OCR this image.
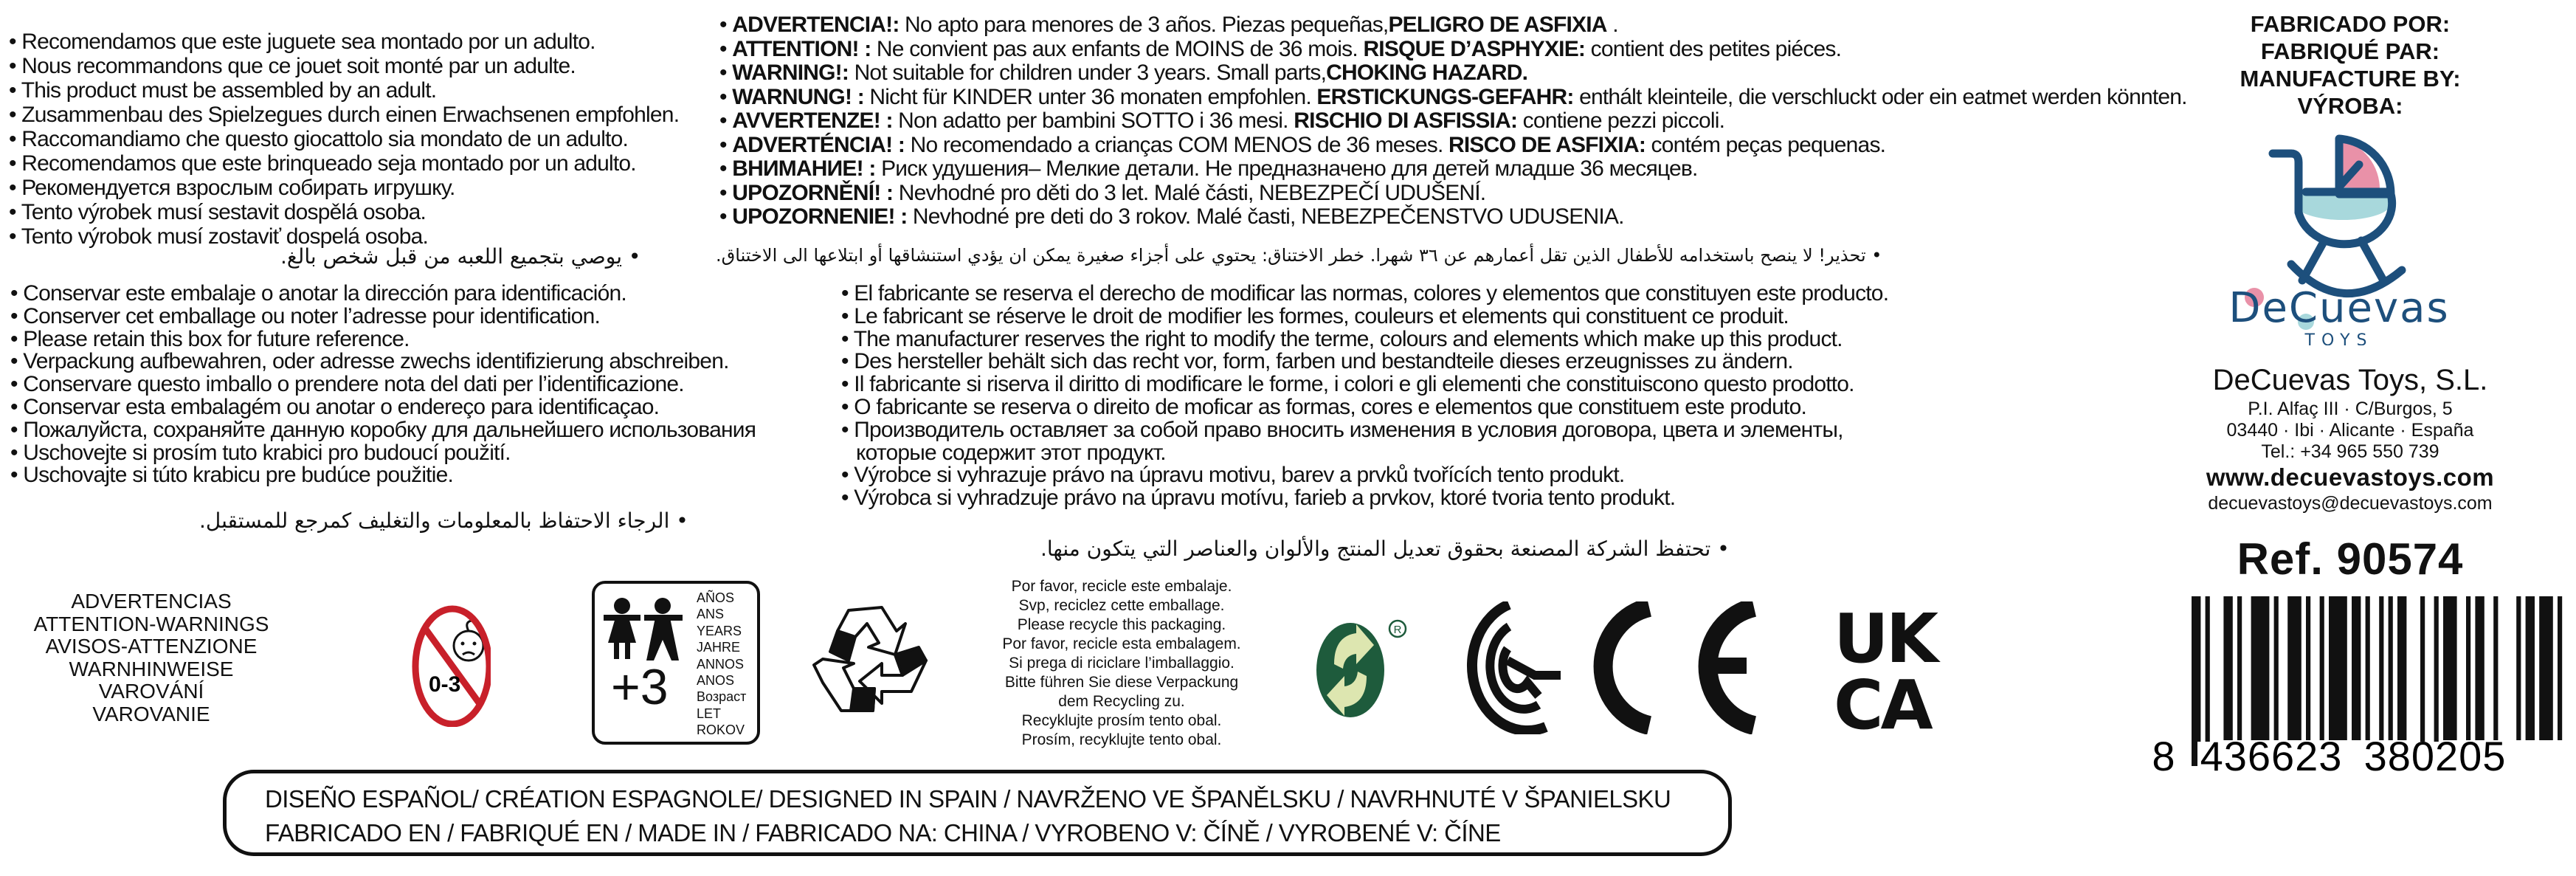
• Recomendamos que este juguete sea montado por un adulto.
• Nous recommandons que ce jouet soit monté par un adulte.
• This product must be assembled by an adult.
• Zusammenbau des Spielzegues durch einen Erwachsenen empfohlen.
• Raccomandiamo che questo giocattolo sia mondato de un adulto.
• Recomendamos que este brinqueado seja montado por un adulto.
• Рекомендуется взрослым собирать игрушку.
• Tento výrobek musí sestavit dospělá osoba.
• Tento výrobok musí zostaviť dospelá osoba.
• يوصي بتجميع اللعبه من قبل شخص بالغ.
• ADVERTENCIA!: No apto para menores de 3 años. Piezas pequeñas,PELIGRO DE ASFIXIA .
• ATTENTION! : Ne convient pas aux enfants de MOINS de 36 mois. RISQUE D’ASPHYXIE: contient des petites piéces.
• WARNING!: Not suitable for children under 3 years. Small parts,CHOKING HAZARD.
• WARNUNG! : Nicht für KINDER unter 36 monaten empfohlen. ERSTICKUNGS-GEFAHR: enthált kleinteile, die verschluckt oder ein eatmet werden könnten.
• AVVERTENZE! : Non adatto per bambini SOTTO i 36 mesi. RISCHIO DI ASFISSIA: contiene pezzi piccoli.
• ADVERTÉNCIA! : No recomendado a crianças COM MENOS de 36 meses. RISCO DE ASFIXIA: contém peças pequenas.
• ВНИМАНИЕ! : Риск удушения– Мелкие детали. Не предназначено для детей младше 36 месяцев.
• UPOZORNĚNÍ! : Nevhodné pro děti do 3 let. Malé části, NEBEZPEČÍ UDUŠENÍ.
• UPOZORNENIE! : Nevhodné pre deti do 3 rokov. Malé časti, NEBEZPEČENSTVO UDUSENIA.
• تحذير! لا ينصح باستخدامه للأطفال الذين تقل أعمارهم عن ٣٦ شهرا. خطر الاختناق: يحتوي على أجزاء صغيرة يمكن ان يؤدي استنشاقها أو ابتلاعها الى الاختناق.
• Conservar este embalaje o anotar la dirección para identificación.
• Conserver cet emballage ou noter l’adresse pour identification.
• Please retain this box for future reference.
• Verpackung aufbewahren, oder adresse zwechs identifizierung abschreiben.
• Conservare questo imballo o prendere nota del dati per l’identificazione.
• Conservar esta embalagém ou anotar o endereço para identificaçao.
• Пожалуйста, сохраняйте данную коробку для дальнейшего использования
• Uschovejte si prosím tuto krabici pro budoucí použití.
• Uschovajte si túto krabicu pre budúce použitie.
• الرجاء الاحتفاظ بالمعلومات والتغليف كمرجع للمستقبل.
• El fabricante se reserva el derecho de modificar las normas, colores y elementos que constituyen este producto.
• Le fabricant se réserve le droit de modifier les formes, couleurs et elements qui constituent ce produit.
• The manufacturer reserves the right to modify the terme, colours and elements which make up this product.
• Des hersteller behält sich das recht vor, form, farben und bestandteile dieses erzeugnisses zu ändern.
• Il fabricante si riserva il diritto di modificare le forme, i colori e gli elementi che constituiscono questo prodotto.
• O fabricante se reserva o direito de moficar as formas, cores e elementos que constituem este produto.
• Производитель оставляет за собой право вносить изменения в условия договора, цвета и элементы,
которые содержит этот продукт.
• Výrobce si vyhrazuje právo na úpravu motivu, barev a prvků tvořících tento produkt.
• Výrobca si vyhradzuje právo na úpravu motívu, farieb a prvkov, ktoré tvoria tento produkt.
• تحتفظ الشركة المصنعة بحقوق تعديل المنتج والألوان والعناصر التي يتكون منها.
FABRICADO POR:
FABRIQUÉ PAR:
MANUFACTURE BY:
VÝROBA:
DeCuevas
TOYS
DeCuevas Toys, S.L.
P.I. Alfaç III · C/Burgos, 5
03440 · Ibi · Alicante · España
Tel.: +34 965 550 739
www.decuevastoys.com
decuevastoys@decuevastoys.com
Ref. 90574
8 436623 380205
ADVERTENCIAS
ATTENTION-WARNINGS
AVISOS-ATTENZIONE
WARNHINWEISE
VAROVÁNÍ
VAROVANIE
0-3	+3
AÑOS
ANS
YEARS
JAHRE
ANNOS
ANOS
Возраст
LET
ROKOV
Por favor, recicle este embalaje.
Svp, reciclez cette emballage.
Please recycle this packaging.
Por favor, recicle esta embalagem.
Si prega di riciclare l’imballaggio.
Bitte führen Sie diese Verpackung
dem Recycling zu.
Recyklujte prosím tento obal.
Prosím, recyklujte tento obal.
R
CE	UK
CA

DISEÑO ESPAÑOL/ CRÉATION ESPAGNOLE/ DESIGNED IN SPAIN / NAVRŽENO VE ŠPANĚLSKU / NAVRHNUTÉ V ŠPANIELSKU

FABRICADO EN / FABRIQUÉ EN / MADE IN / FABRICADO NA: CHINA / VYROBENO V: ČÍNĚ / VYROBENÉ V: ČÍNE
